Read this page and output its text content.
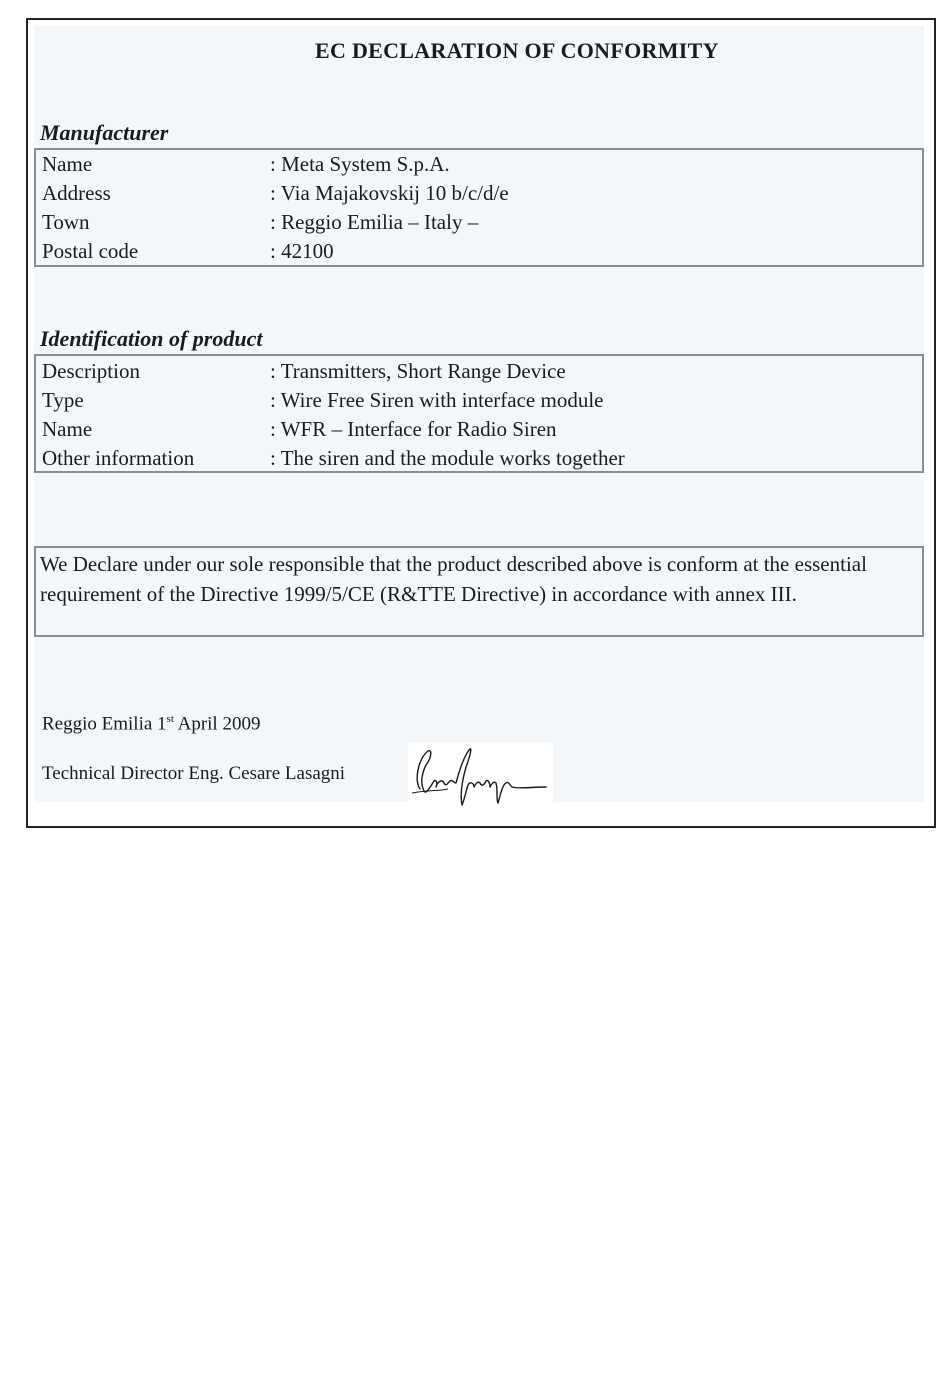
EC DECLARATION OF CONFORMITY
Manufacturer
Name	: Meta System S.p.A.
Address	: Via Majakovskij 10 b/c/d/e
Town	: Reggio Emilia – Italy –
Postal code	: 42100
Identification of product
Description	: Transmitters, Short Range Device
Type	: Wire Free Siren with interface module
Name	: WFR – Interface for Radio Siren
Other information	: The siren and the module works together
We Declare under our sole responsible that the product described above is conform at the essential requirement of the Directive 1999/5/CE (R&TTE Directive) in accordance with annex III.
Reggio Emilia 1st April 2009
Technical Director Eng. Cesare Lasagni
